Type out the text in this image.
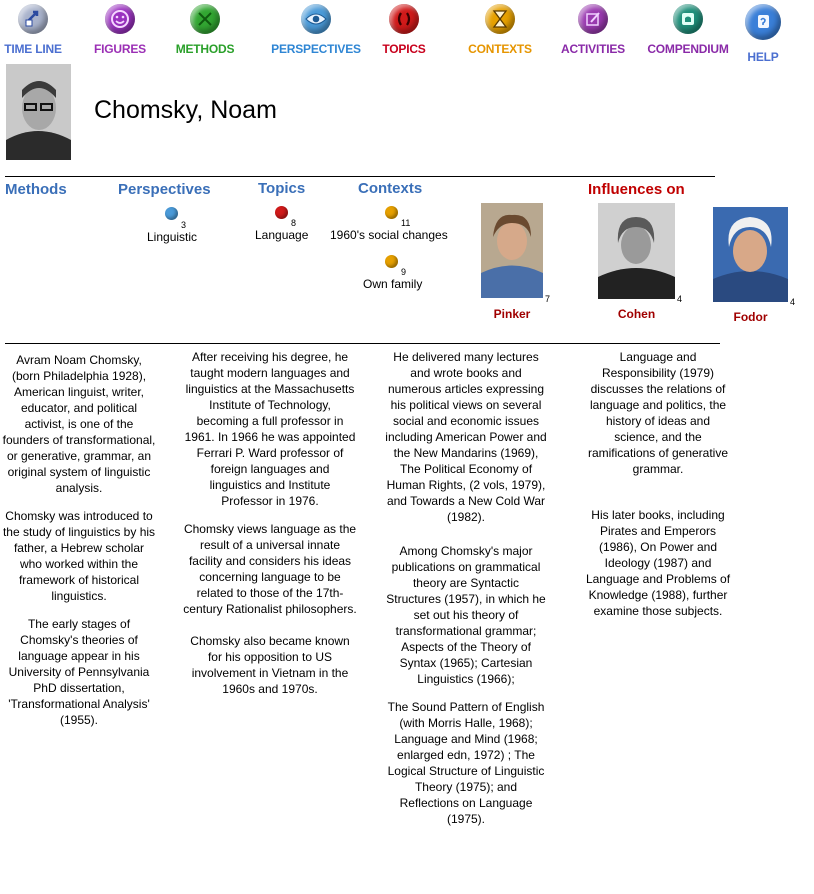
TIME LINE	FIGURES	METHODS	PERSPECTIVES	TOPICS	CONTEXTS ACTIVITIES COMPENDIUM
HELP
Chomsky, Noam
Methods	Perspectives	Topics	Contexts	Influences on
3
Linguistic
8
Language
11
1960's social changes
9
Own family
7
Pinker
4
Cohen
4
Fodor

Avram Noam Chomsky, (born Philadelphia 1928), American linguist, writer, educator, and political activist, is one of the founders of transformational, or generative, grammar, an original system of linguistic analysis.

Chomsky was introduced to the study of linguistics by his father, a Hebrew scholar who worked within the framework of historical linguistics.

The early stages of Chomsky's theories of language appear in his University of Pennsylvania PhD dissertation, 'Transformational Analysis' (1955).

After receiving his degree, he taught modern languages and linguistics at the Massachusetts Institute of Technology, becoming a full professor in 1961. In 1966 he was appointed Ferrari P. Ward professor of foreign languages and linguistics and Institute Professor in 1976.

Chomsky views language as the result of a universal innate facility and considers his ideas concerning language to be related to those of the 17th-century Rationalist philosophers.

Chomsky also became known for his opposition to US involvement in Vietnam in the 1960s and 1970s.

He delivered many lectures and wrote books and numerous articles expressing his political views on several social and economic issues including American Power and the New Mandarins (1969), The Political Economy of Human Rights, (2 vols, 1979), and Towards a New Cold War (1982).

Among Chomsky's major publications on grammatical theory are Syntactic Structures (1957), in which he set out his theory of transformational grammar; Aspects of the Theory of Syntax (1965); Cartesian Linguistics (1966);

The Sound Pattern of English (with Morris Halle, 1968); Language and Mind (1968; enlarged edn, 1972) ; The Logical Structure of Linguistic Theory (1975); and Reflections on Language (1975).

Language and Responsibility (1979) discusses the relations of language and politics, the history of ideas and science, and the ramifications of generative grammar.

His later books, including Pirates and Emperors (1986), On Power and Ideology (1987) and Language and Problems of Knowledge (1988), further examine those subjects.
